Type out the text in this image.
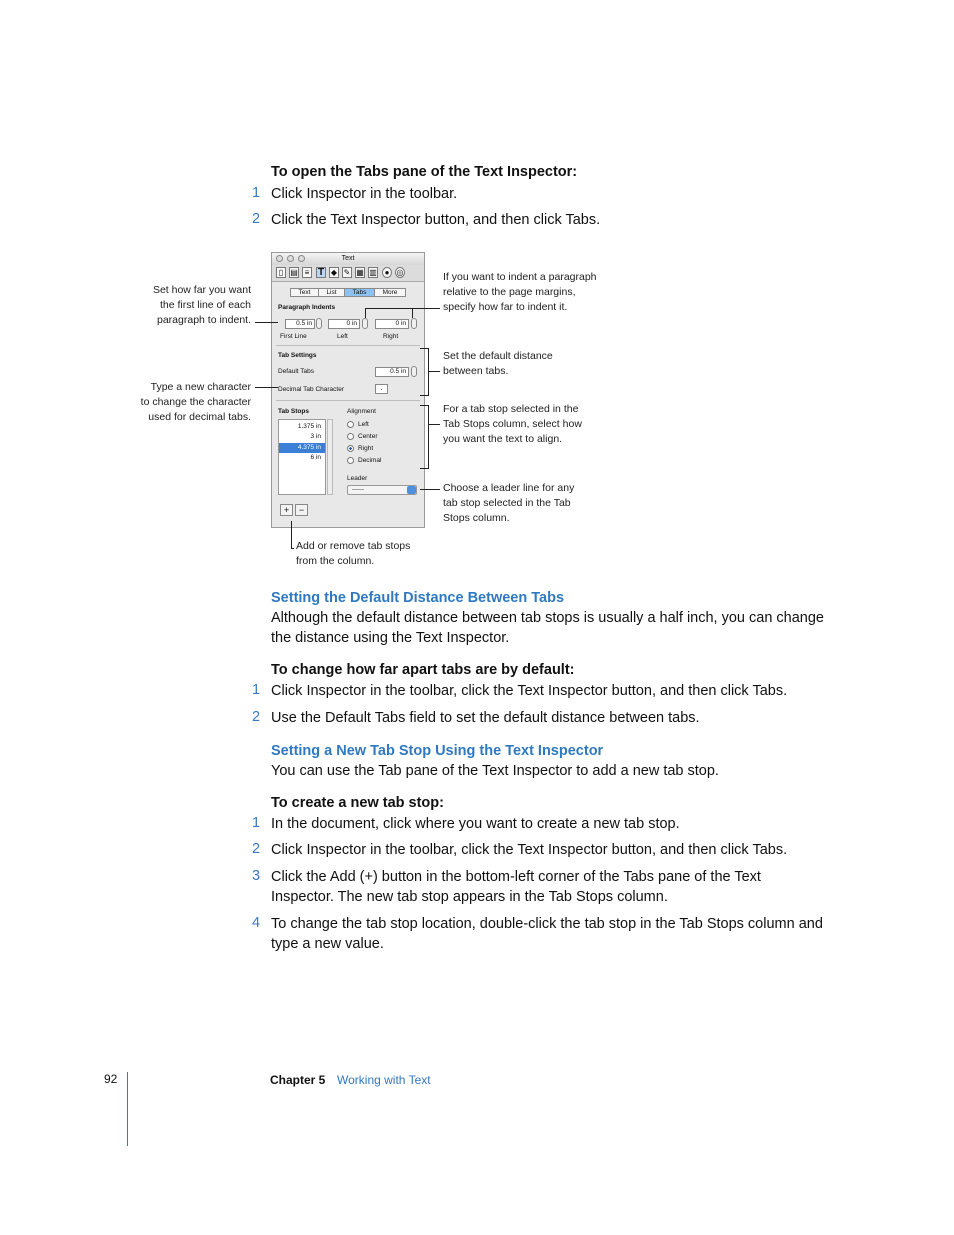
To open the Tabs pane of the Text Inspector:
1 Click Inspector in the toolbar.
2 Click the Text Inspector button, and then click Tabs.
Text
▯ ▤ ≡ T ◆ ✎ ▦ ▥ ● ◎
Text	List	Tabs	More
Paragraph Indents
0.5 in	0 in	0 in
First Line	Left	Right
Tab Settings
Default Tabs	0.5 in
Decimal Tab Character	.
Tab Stops
1.375 in
3 in
4.375 in
6 in
Alignment
Left
Center
Right
Decimal
Leader
------
+	−
Set how far you want
the first line of each
paragraph to indent.
Type a new character
to change the character
used for decimal tabs.
If you want to indent a paragraph
relative to the page margins,
specify how far to indent it.
Set the default distance
between tabs.
For a tab stop selected in the
Tab Stops column, select how
you want the text to align.
Choose a leader line for any
tab stop selected in the Tab
Stops column.
Add or remove tab stops
from the column.
Setting the Default Distance Between Tabs
Although the default distance between tab stops is usually a half inch, you can change the distance using the Text Inspector.
To change how far apart tabs are by default:
1 Click Inspector in the toolbar, click the Text Inspector button, and then click Tabs.
2 Use the Default Tabs field to set the default distance between tabs.
Setting a New Tab Stop Using the Text Inspector
You can use the Tab pane of the Text Inspector to add a new tab stop.
To create a new tab stop:
1 In the document, click where you want to create a new tab stop.
2 Click Inspector in the toolbar, click the Text Inspector button, and then click Tabs.
3 Click the Add (+) button in the bottom-left corner of the Tabs pane of the Text Inspector. The new tab stop appears in the Tab Stops column.
4 To change the tab stop location, double-click the tab stop in the Tab Stops column and type a new value.
92	Chapter 5 Working with Text
